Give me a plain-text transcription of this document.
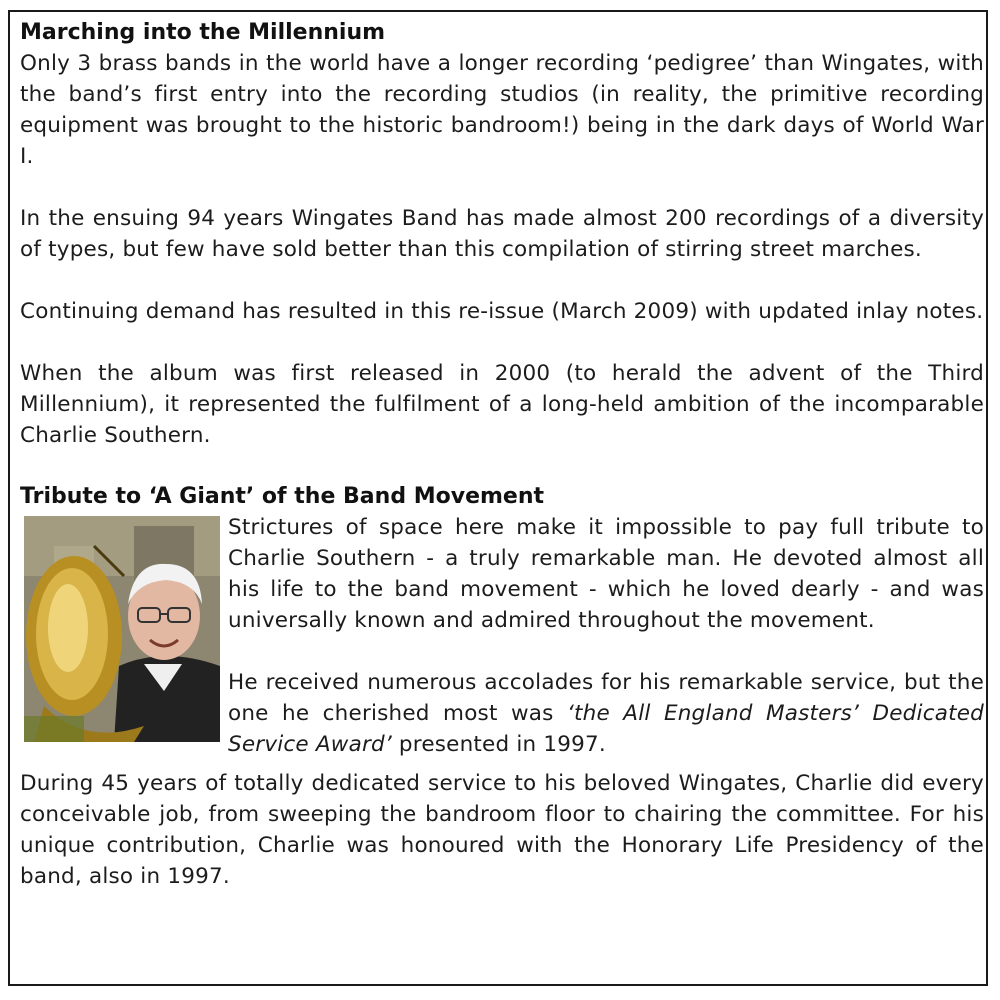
Marching into the Millennium

Only 3 brass bands in the world have a longer recording ‘pedigree’ than Wingates, with the band’s first entry into the recording studios (in reality, the primitive recording equipment was brought to the historic bandroom!) being in the dark days of World War I.

In the ensuing 94 years Wingates Band has made almost 200 recordings of a diversity of types, but few have sold better than this compilation of stirring street marches.

Continuing demand has resulted in this re-issue (March 2009) with updated inlay notes.

When the album was first released in 2000 (to herald the advent of the Third Millennium), it represented the fulfilment of a long-held ambition of the incomparable Charlie Southern.

Tribute to ‘A Giant’ of the Band Movement

Strictures of space here make it impossible to pay full tribute to Charlie Southern - a truly remarkable man. He devoted almost all his life to the band movement - which he loved dearly - and was universally known and admired throughout the movement.

He received numerous accolades for his remarkable service, but the one he cherished most was ‘the All England Masters’ Dedicated Service Award’ presented in 1997.

During 45 years of totally dedicated service to his beloved Wingates, Charlie did every conceivable job, from sweeping the bandroom floor to chairing the committee. For his unique contribution, Charlie was honoured with the Honorary Life Presidency of the band, also in 1997.
